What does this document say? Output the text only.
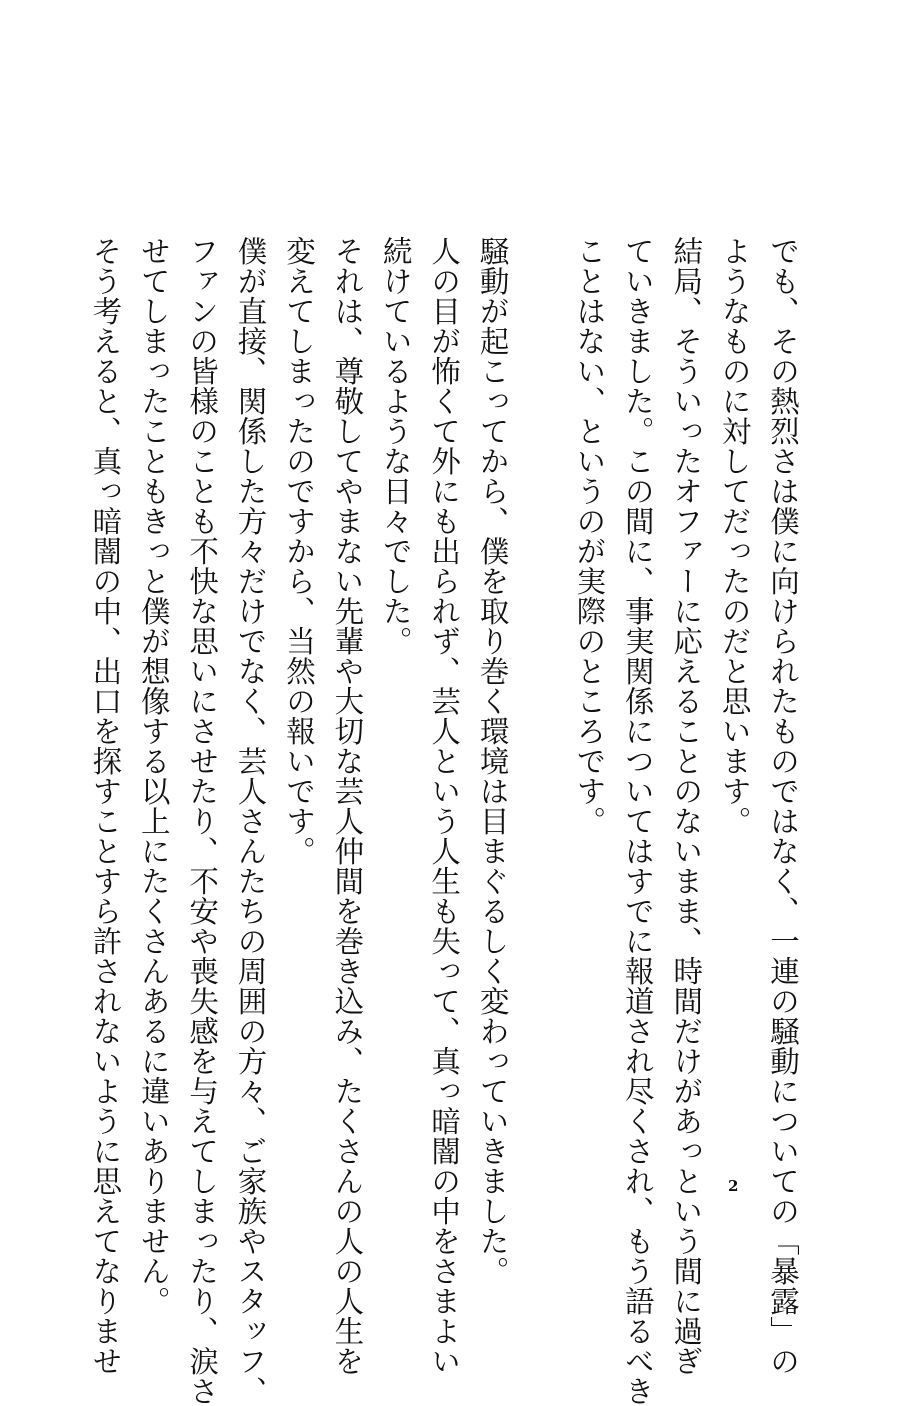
でも、その熱烈さは僕に向けられたものではなく、一連の騒動についての「暴露」の
ようなものに対してだったのだと思います。
結局、そういったオファーに応えることのないまま、時間だけがあっという間に過ぎ
ていきました。この間に、事実関係についてはすでに報道され尽くされ、もう語るべき
ことはない、というのが実際のところです。
騒動が起こってから、僕を取り巻く環境は目まぐるしく変わっていきました。
人の目が怖くて外にも出られず、芸人という人生も失って、真っ暗闇の中をさまよい
続けているような日々でした。
それは、尊敬してやまない先輩や大切な芸人仲間を巻き込み、たくさんの人の人生を
変えてしまったのですから、当然の報いです。
僕が直接、関係した方々だけでなく、芸人さんたちの周囲の方々、ご家族やスタッフ、
ファンの皆様のことも不快な思いにさせたり、不安や喪失感を与えてしまったり、涙さ
せてしまったこともきっと僕が想像する以上にたくさんあるに違いありません。
そう考えると、真っ暗闇の中、出口を探すことすら許されないように思えてなりませ	2
